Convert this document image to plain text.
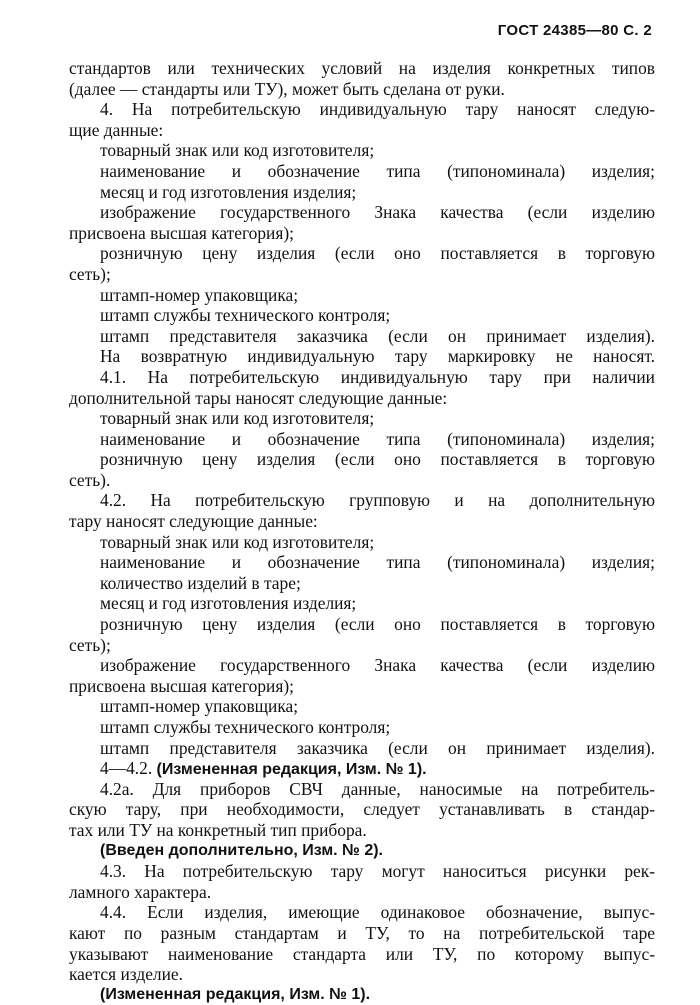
ГОСТ 24385—80 С. 2
стандартов или технических условий на изделия конкретных типов
(далее — стандарты или ТУ), может быть сделана от руки.
4. На потребительскую индивидуальную тару наносят следую-
щие данные:
товарный знак или код изготовителя;
наименование и обозначение типа (типономинала) изделия;
месяц и год изготовления изделия;
изображение государственного Знака качества (если изделию
присвоена высшая категория);
розничную цену изделия (если оно поставляется в торговую
сеть);
штамп-номер упаковщика;
штамп службы технического контроля;
штамп представителя заказчика (если он принимает изделия).
На возвратную индивидуальную тару маркировку не наносят.
4.1. На потребительскую индивидуальную тару при наличии
дополнительной тары наносят следующие данные:
товарный знак или код изготовителя;
наименование и обозначение типа (типономинала) изделия;
розничную цену изделия (если оно поставляется в торговую
сеть).
4.2. На потребительскую групповую и на дополнительную
тару наносят следующие данные:
товарный знак или код изготовителя;
наименование и обозначение типа (типономинала) изделия;
количество изделий в таре;
месяц и год изготовления изделия;
розничную цену изделия (если оно поставляется в торговую
сеть);
изображение государственного Знака качества (если изделию
присвоена высшая категория);
штамп-номер упаковщика;
штамп службы технического контроля;
штамп представителя заказчика (если он принимает изделия).
4—4.2. (Измененная редакция, Изм. № 1).
4.2а. Для приборов СВЧ данные, наносимые на потребитель-
скую тару, при необходимости, следует устанавливать в стандар-
тах или ТУ на конкретный тип прибора.
(Введен дополнительно, Изм. № 2).
4.3. На потребительскую тару могут наноситься рисунки рек-
ламного характера.
4.4. Если изделия, имеющие одинаковое обозначение, выпус-
кают по разным стандартам и ТУ, то на потребительской таре
указывают наименование стандарта или ТУ, по которому выпус-
кается изделие.
(Измененная редакция, Изм. № 1).
